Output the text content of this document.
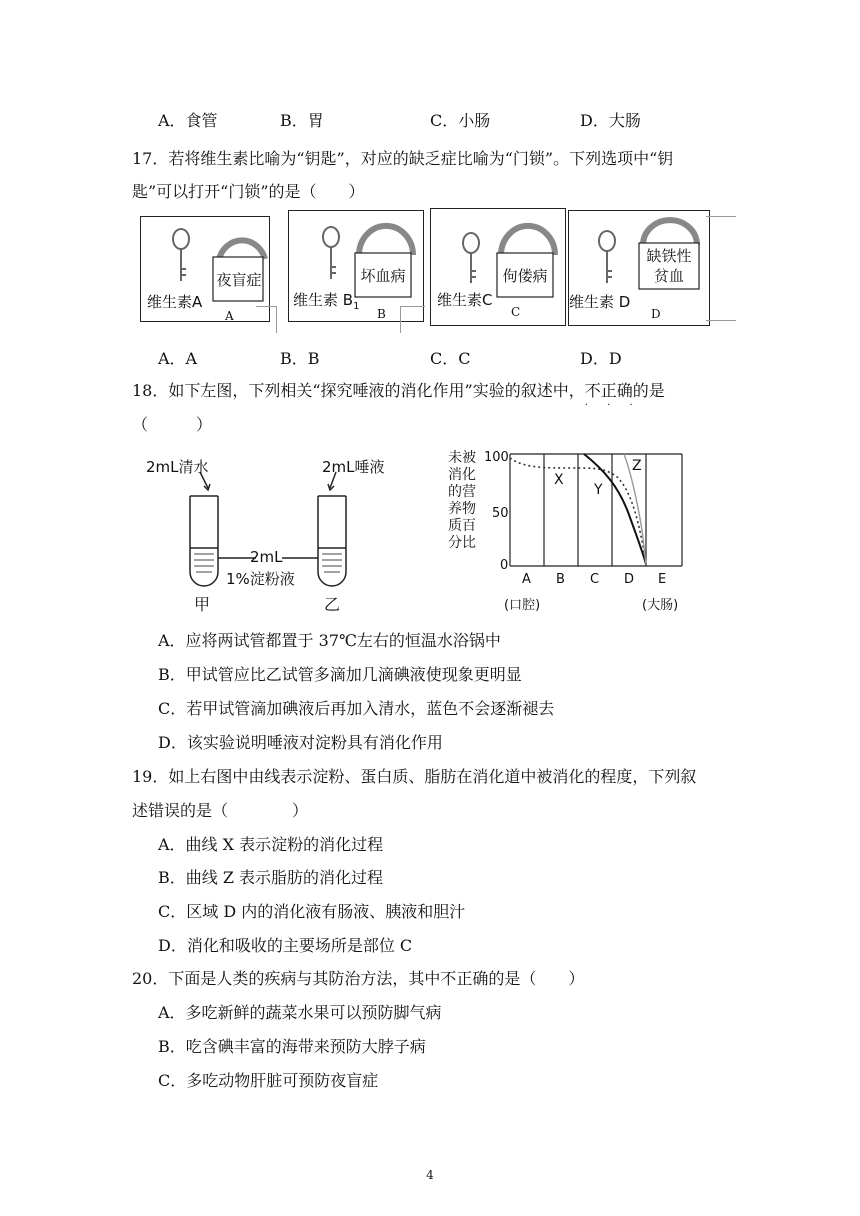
A．食管	B．胃	C．小肠	D．大肠
17．若将维生素比喻为“钥匙”，对应的缺乏症比喻为“门锁”。下列选项中“钥
匙”可以打开“门锁”的是（　　）
夜盲症
维生素A
A
坏血病
维生素 $B_1$
B
佝偻病
维生素C
C
缺铁性
贫血
维生素 D
D
A．A	B．B	C．C	D．D
18．如下左图，下列相关“探究唾液的消化作用”实验的叙述中，不正确
· · ·
的是
（　　　）
2mL清水	2mL唾液
2mL
1%淀粉液
甲	乙
未被
消化
的营
养物
质百
分比
100
50
0
X
Y
Z
A B C D E
(口腔)	(大肠)
A．应将两试管都置于 37℃左右的恒温水浴锅中
B．甲试管应比乙试管多滴加几滴碘液使现象更明显
C．若甲试管滴加碘液后再加入清水，蓝色不会逐渐褪去
D．该实验说明唾液对淀粉具有消化作用
19．如上右图中由线表示淀粉、蛋白质、脂肪在消化道中被消化的程度，下列叙
述错误的是（　　　　）
A．曲线 X 表示淀粉的消化过程
B．曲线 Z 表示脂肪的消化过程
C．区域 D 内的消化液有肠液、胰液和胆汁
D．消化和吸收的主要场所是部位 C
20．下面是人类的疾病与其防治方法，其中不正确的是（　　）
A．多吃新鲜的蔬菜水果可以预防脚气病
B．吃含碘丰富的海带来预防大脖子病
C．多吃动物肝脏可预防夜盲症
4
